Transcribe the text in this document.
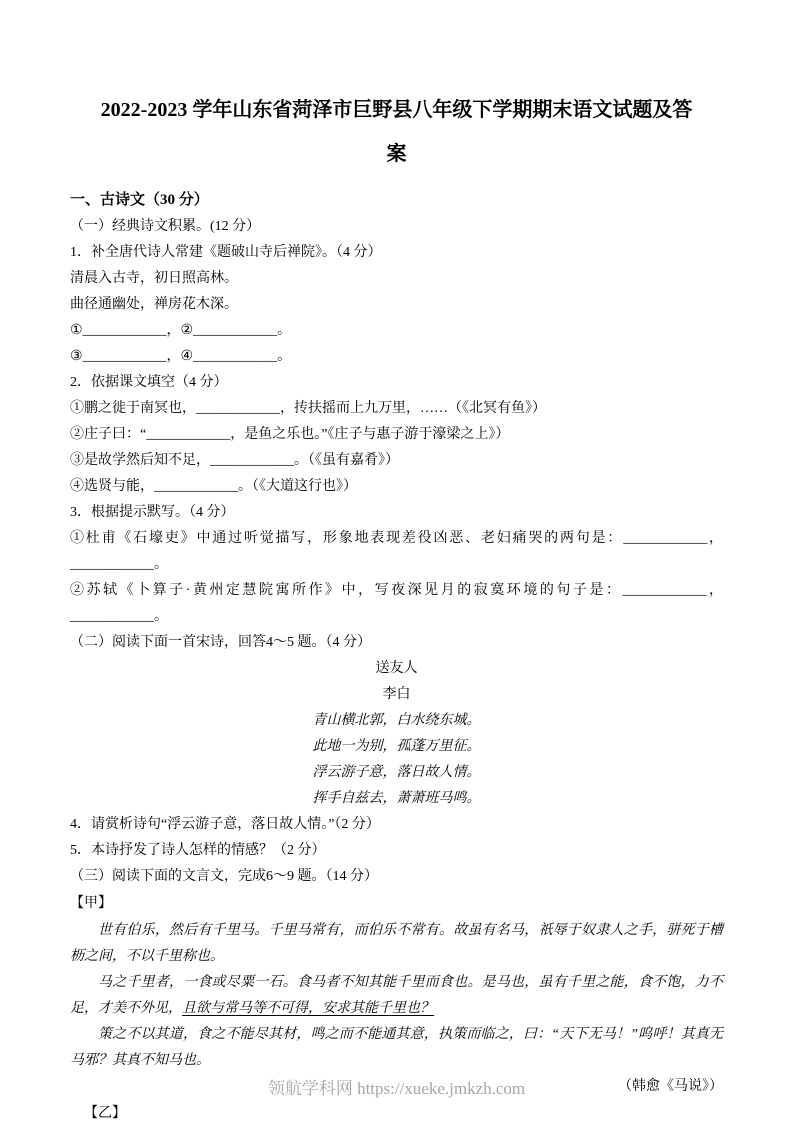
2022-2023 学年山东省菏泽市巨野县八年级下学期期末语文试题及答
案
一、古诗文（30 分）
（一）经典诗文积累。(12 分）
1．补全唐代诗人常建《题破山寺后禅院》。（4 分）
清晨入古寺，初日照高林。
曲径通幽处，禅房花木深。
①____________，②____________。
③____________，④____________。
2．依据课文填空（4 分）
①鹏之徙于南冥也，____________，抟扶摇而上九万里，……（《北冥有鱼》）
②庄子曰：“____________，是鱼之乐也。”《庄子与惠子游于濠梁之上》）
③是故学然后知不足，____________。（《虽有嘉肴》）
④选贤与能，____________。（《大道这行也》）
3．根据提示默写。（4 分）
①杜甫《石壕吏》中通过听觉描写，形象地表现差役凶恶、老妇痛哭的两句是：____________，____________。
②苏轼《卜算子·黄州定慧院寓所作》中，写夜深见月的寂寞环境的句子是：____________，____________。
（二）阅读下面一首宋诗，回答4～5 题。（4 分）
送友人
李白
青山横北郭，白水绕东城。
此地一为别，孤蓬万里征。
浮云游子意，落日故人情。
挥手自兹去，萧萧班马鸣。
4．请赏析诗句“浮云游子意，落日故人情。”（2 分）
5．本诗抒发了诗人怎样的情感？（2 分）
（三）阅读下面的文言文，完成6～9 题。（14 分）
【甲】
世有伯乐，然后有千里马。千里马常有，而伯乐不常有。故虽有名马，祇辱于奴隶人之手，骈死于槽枥之间，不以千里称也。
马之千里者，一食或尽粟一石。食马者不知其能千里而食也。是马也，虽有千里之能，食不饱，力不足，才美不外见，且欲与常马等不可得，安求其能千里也？
策之不以其道，食之不能尽其材，鸣之而不能通其意，执策而临之，曰：“天下无马！”呜呼！其真无马邪？其真不知马也。
（韩愈《马说》）
【乙】
领航学科网 https://xueke.jmkzh.com
